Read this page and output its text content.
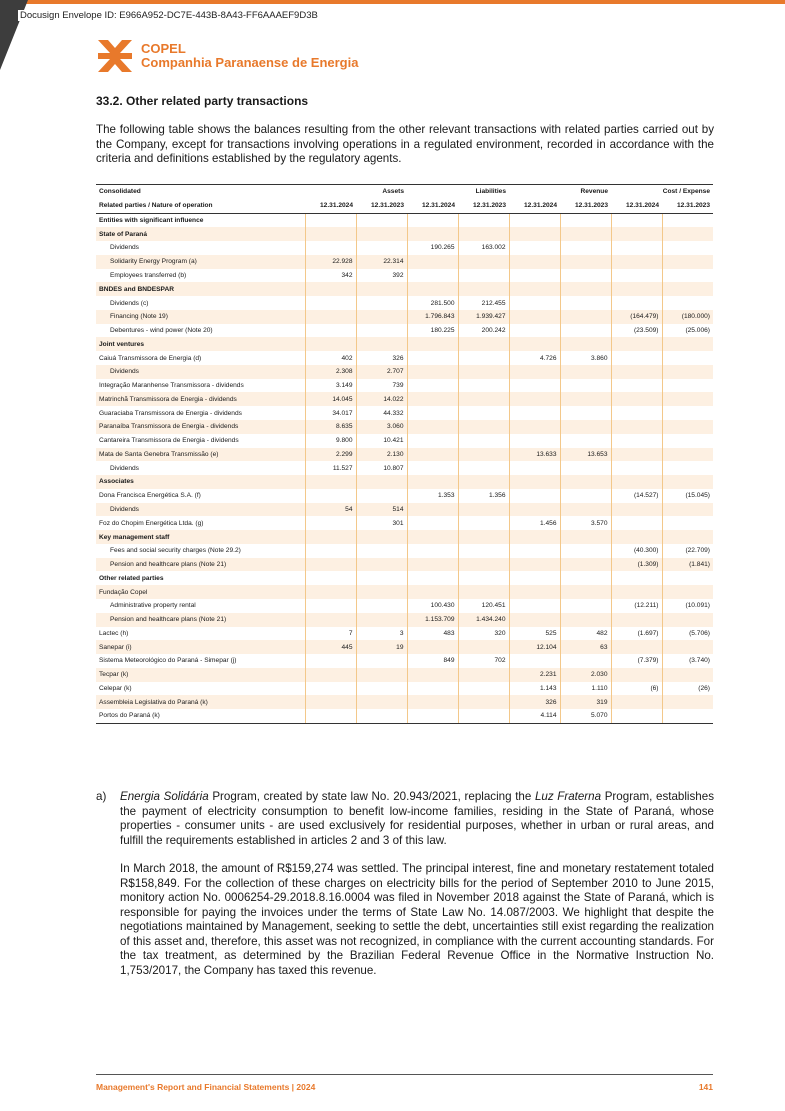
Docusign Envelope ID: E966A952-DC7E-443B-8A43-FF6AAAEF9D3B
COPEL
Companhia Paranaense de Energia
33.2. Other related party transactions

The following table shows the balances resulting from the other relevant transactions with related parties carried out by the Company, except for transactions involving operations in a regulated environment, recorded in accordance with the criteria and definitions established by the regulatory agents.

Consolidated	Assets		Liabilities		Revenue		Cost / Expense	
Related parties / Nature of operation	12.31.2024	12.31.2023	12.31.2024	12.31.2023	12.31.2024	12.31.2023	12.31.2024	12.31.2023
Entities with significant influence								
State of Paraná								
Dividends			190.265	163.002				
Solidarity Energy Program (a)	22.928	22.314						
Employees transferred (b)	342	392						
BNDES and BNDESPAR								
Dividends (c)			281.500	212.455				
Financing (Note 19)			1.796.843	1.939.427			(164.479)	(180.000)
Debentures - wind power (Note 20)			180.225	200.242			(23.509)	(25.006)
Joint ventures								
Caiuá Transmissora de Energia (d)	402	326			4.726	3.860		
Dividends	2.308	2.707						
Integração Maranhense Transmissora - dividends	3.149	739						
Matrinchã Transmissora de Energia - dividends	14.045	14.022						
Guaraciaba Transmissora de Energia - dividends	34.017	44.332						
Paranaíba Transmissora de Energia - dividends	8.635	3.060						
Cantareira Transmissora de Energia - dividends	9.800	10.421						
Mata de Santa Genebra Transmissão (e)	2.299	2.130			13.633	13.653		
Dividends	11.527	10.807						
Associates								
Dona Francisca Energética S.A. (f)			1.353	1.356			(14.527)	(15.045)
Dividends	54	514						
Foz do Chopim Energética Ltda. (g)		301			1.456	3.570		
Key management staff								
Fees and social security charges (Note 29.2)							(40.300)	(22.709)
Pension and healthcare plans (Note 21)							(1.309)	(1.841)
Other related parties								
Fundação Copel								
Administrative property rental			100.430	120.451			(12.211)	(10.091)
Pension and healthcare plans (Note 21)			1.153.709	1.434.240				
Lactec (h)	7	3	483	320	525	482	(1.697)	(5.706)
Sanepar (i)	445	19			12.104	63		
Sistema Meteorológico do Paraná - Simepar (j)			849	702			(7.379)	(3.740)
Tecpar (k)					2.231	2.030		
Celepar (k)					1.143	1.110	(6)	(26)
Assembleia Legislativa do Paraná (k)					326	319		
Portos do Paraná (k)					4.114	5.070		
a)	Energia Solidária Program, created by state law No. 20.943/2021, replacing the Luz Fraterna Program, establishes the payment of electricity consumption to benefit low-income families, residing in the State of Paraná, whose properties - consumer units - are used exclusively for residential purposes, whether in urban or rural areas, and fulfill the requirements established in articles 2 and 3 of this law.

In March 2018, the amount of R$159,274 was settled. The principal interest, fine and monetary restatement totaled R$158,849. For the collection of these charges on electricity bills for the period of September 2010 to June 2015, monitory action No. 0006254-29.2018.8.16.0004 was filed in November 2018 against the State of Paraná, which is responsible for paying the invoices under the terms of State Law No. 14.087/2003. We highlight that despite the negotiations maintained by Management, seeking to settle the debt, uncertainties still exist regarding the realization of this asset and, therefore, this asset was not recognized, in compliance with the current accounting standards. For the tax treatment, as determined by the Brazilian Federal Revenue Office in the Normative Instruction No. 1,753/2017, the Company has taxed this revenue.

Management's Report and Financial Statements | 2024	141
